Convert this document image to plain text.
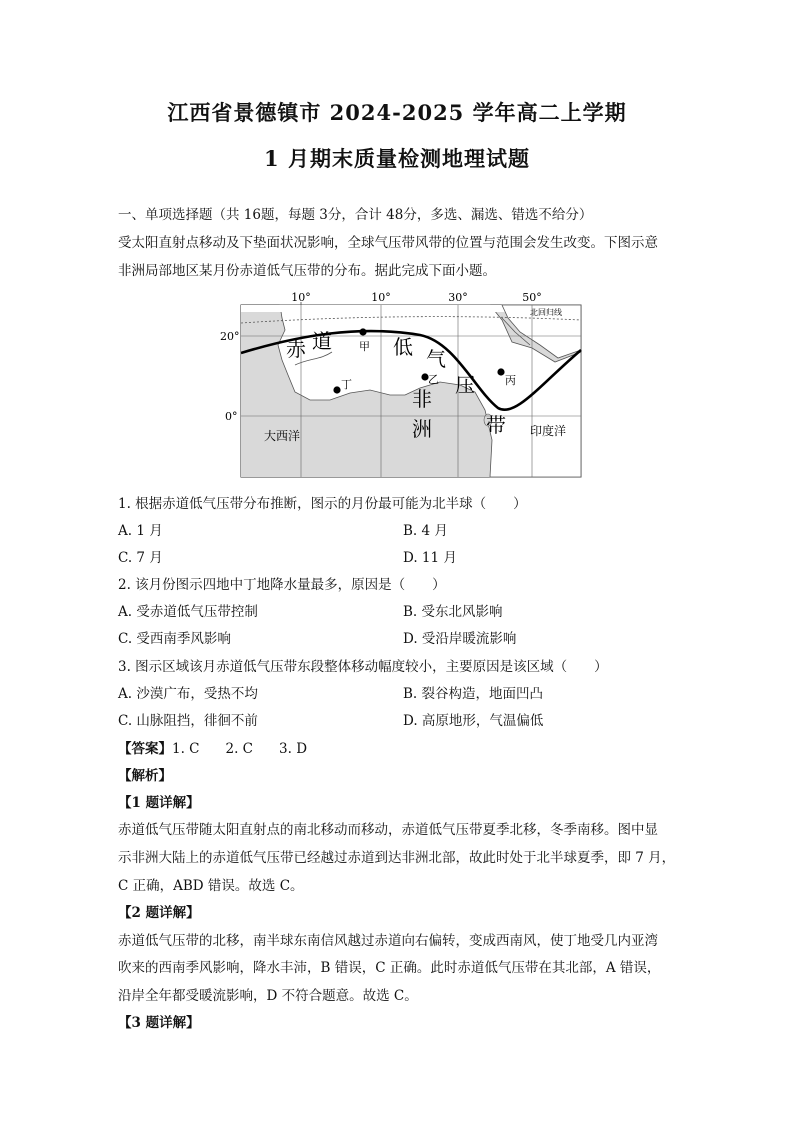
江西省景德镇市 2024-2025 学年高二上学期
1 月期末质量检测地理试题
一、单项选择题（共 16题，每题 3分，合计 48分，多选、漏选、错选不给分）
受太阳直射点移动及下垫面状况影响，全球气压带风带的位置与范围会发生改变。下图示意
非洲局部地区某月份赤道低气压带的分布。据此完成下面小题。
10°	10°	30°	50°
20°
0°
北回归线
赤 道	低 气
压
带
非
洲
大西洋	印度洋
甲
乙	丙
丁
1. 根据赤道低气压带分布推断，图示的月份最可能为北半球（　　）
A. 1 月	B. 4 月
C. 7 月	D. 11 月
2. 该月份图示四地中丁地降水量最多，原因是（　　）
A. 受赤道低气压带控制	B. 受东北风影响
C. 受西南季风影响	D. 受沿岸暖流影响
3. 图示区域该月赤道低气压带东段整体移动幅度较小，主要原因是该区域（　　）
A. 沙漠广布，受热不均	B. 裂谷构造，地面凹凸
C. 山脉阻挡，徘徊不前	D. 高原地形，气温偏低
【答案】1. C 2. C 3. D
【解析】
【1 题详解】
赤道低气压带随太阳直射点的南北移动而移动，赤道低气压带夏季北移，冬季南移。图中显
示非洲大陆上的赤道低气压带已经越过赤道到达非洲北部，故此时处于北半球夏季，即 7 月，
C 正确，ABD 错误。故选 C。
【2 题详解】
赤道低气压带的北移，南半球东南信风越过赤道向右偏转，变成西南风，使丁地受几内亚湾
吹来的西南季风影响，降水丰沛，B 错误，C 正确。此时赤道低气压带在其北部，A 错误，
沿岸全年都受暖流影响，D 不符合题意。故选 C。
【3 题详解】
